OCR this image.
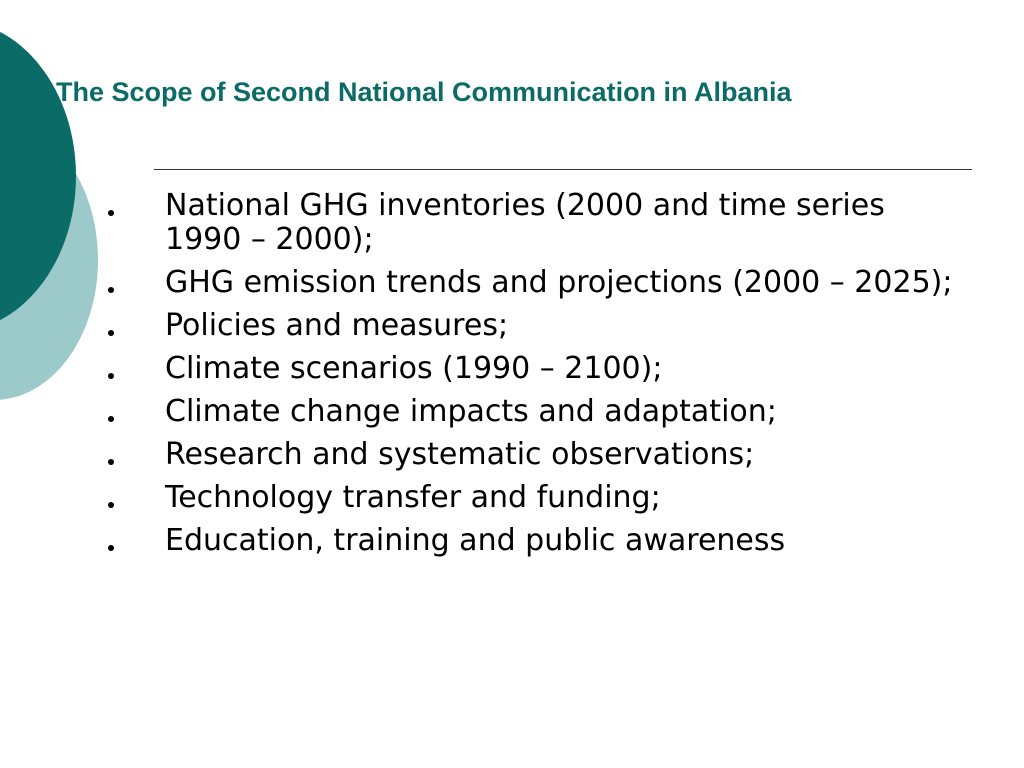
The Scope of Second National Communication in Albania
National GHG inventories (2000 and time series 1990 – 2000);
GHG emission trends and projections (2000 – 2025);
Policies and measures;
Climate scenarios (1990 – 2100);
Climate change impacts and adaptation;
Research and systematic observations;
Technology transfer and funding;
Education, training and public awareness
